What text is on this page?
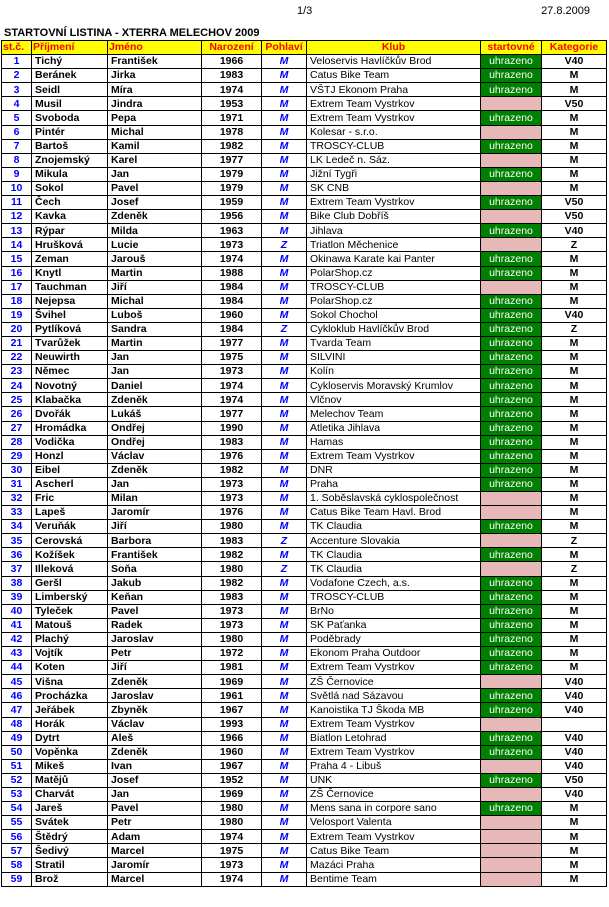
1/3	27.8.2009
STARTOVNÍ LISTINA - XTERRA MELECHOV 2009
st.č.	Příjmení	Jméno	Narození	Pohlaví	Klub	startovné	Kategorie
1	Tichý	František	1966	M	Veloservis Havlíčkův Brod	uhrazeno	V40
2	Beránek	Jirka	1983	M	Catus Bike Team	uhrazeno	M
3	Seidl	Míra	1974	M	VŠTJ Ekonom Praha	uhrazeno	M
4	Musil	Jindra	1953	M	Extrem Team Vystrkov		V50
5	Svoboda	Pepa	1971	M	Extrem Team Vystrkov	uhrazeno	M
6	Pintér	Michal	1978	M	Kolesar - s.r.o.		M
7	Bartoš	Kamil	1982	M	TROSCY-CLUB	uhrazeno	M
8	Znojemský	Karel	1977	M	LK Ledeč n. Sáz.		M
9	Mikula	Jan	1979	M	Jižní Tygři	uhrazeno	M
10	Sokol	Pavel	1979	M	SK CNB		M
11	Čech	Josef	1959	M	Extrem Team Vystrkov	uhrazeno	V50
12	Kavka	Zdeněk	1956	M	Bike Club Dobříš		V50
13	Rýpar	Milda	1963	M	Jihlava	uhrazeno	V40
14	Hrušková	Lucie	1973	Z	Triatlon Měchenice		Z
15	Zeman	Jarouš	1974	M	Okinawa Karate kai Panter	uhrazeno	M
16	Knytl	Martin	1988	M	PolarShop.cz	uhrazeno	M
17	Tauchman	Jiří	1984	M	TROSCY-CLUB		M
18	Nejepsa	Michal	1984	M	PolarShop.cz	uhrazeno	M
19	Švihel	Luboš	1960	M	Sokol Chochol	uhrazeno	V40
20	Pytlíková	Sandra	1984	Z	Cykloklub Havlíčkův Brod	uhrazeno	Z
21	Tvarůžek	Martin	1977	M	Tvarda Team	uhrazeno	M
22	Neuwirth	Jan	1975	M	SILVINI	uhrazeno	M
23	Němec	Jan	1973	M	Kolín	uhrazeno	M
24	Novotný	Daniel	1974	M	Cykloservis Moravský Krumlov	uhrazeno	M
25	Klabačka	Zdeněk	1974	M	Vlčnov	uhrazeno	M
26	Dvořák	Lukáš	1977	M	Melechov Team	uhrazeno	M
27	Hromádka	Ondřej	1990	M	Atletika Jihlava	uhrazeno	M
28	Vodička	Ondřej	1983	M	Hamas	uhrazeno	M
29	Honzl	Václav	1976	M	Extrem Team Vystrkov	uhrazeno	M
30	Eibel	Zdeněk	1982	M	DNR	uhrazeno	M
31	Ascherl	Jan	1973	M	Praha	uhrazeno	M
32	Fric	Milan	1973	M	1. Soběslavská cyklospolečnost		M
33	Lapeš	Jaromír	1976	M	Catus Bike Team Havl. Brod		M
34	Veruňák	Jiří	1980	M	TK Claudia	uhrazeno	M
35	Cerovská	Barbora	1983	Z	Accenture Slovakia		Z
36	Kožíšek	František	1982	M	TK Claudia	uhrazeno	M
37	Illeková	Soňa	1980	Z	TK Claudia		Z
38	Geršl	Jakub	1982	M	Vodafone Czech, a.s.	uhrazeno	M
39	Limberský	Keňan	1983	M	TROSCY-CLUB	uhrazeno	M
40	Tyleček	Pavel	1973	M	BrNo	uhrazeno	M
41	Matouš	Radek	1973	M	SK Paťanka	uhrazeno	M
42	Plachý	Jaroslav	1980	M	Poděbrady	uhrazeno	M
43	Vojtík	Petr	1972	M	Ekonom Praha Outdoor	uhrazeno	M
44	Koten	Jiří	1981	M	Extrem Team Vystrkov	uhrazeno	M
45	Višna	Zdeněk	1969	M	ZŠ Černovice		V40
46	Procházka	Jaroslav	1961	M	Světlá nad Sázavou	uhrazeno	V40
47	Jeřábek	Zbyněk	1967	M	Kanoistika TJ Škoda MB	uhrazeno	V40
48	Horák	Václav	1993	M	Extrem Team Vystrkov		
49	Dytrt	Aleš	1966	M	Biatlon Letohrad	uhrazeno	V40
50	Vopěnka	Zdeněk	1960	M	Extrem Team Vystrkov	uhrazeno	V40
51	Mikeš	Ivan	1967	M	Praha 4 - Libuš		V40
52	Matějů	Josef	1952	M	UNK	uhrazeno	V50
53	Charvát	Jan	1969	M	ZŠ Černovice		V40
54	Jareš	Pavel	1980	M	Mens sana in corpore sano	uhrazeno	M
55	Svátek	Petr	1980	M	Velosport Valenta		M
56	Štědrý	Adam	1974	M	Extrem Team Vystrkov		M
57	Šedivý	Marcel	1975	M	Catus Bike Team		M
58	Stratil	Jaromír	1973	M	Mazáci Praha		M
59	Brož	Marcel	1974	M	Bentime Team		M
